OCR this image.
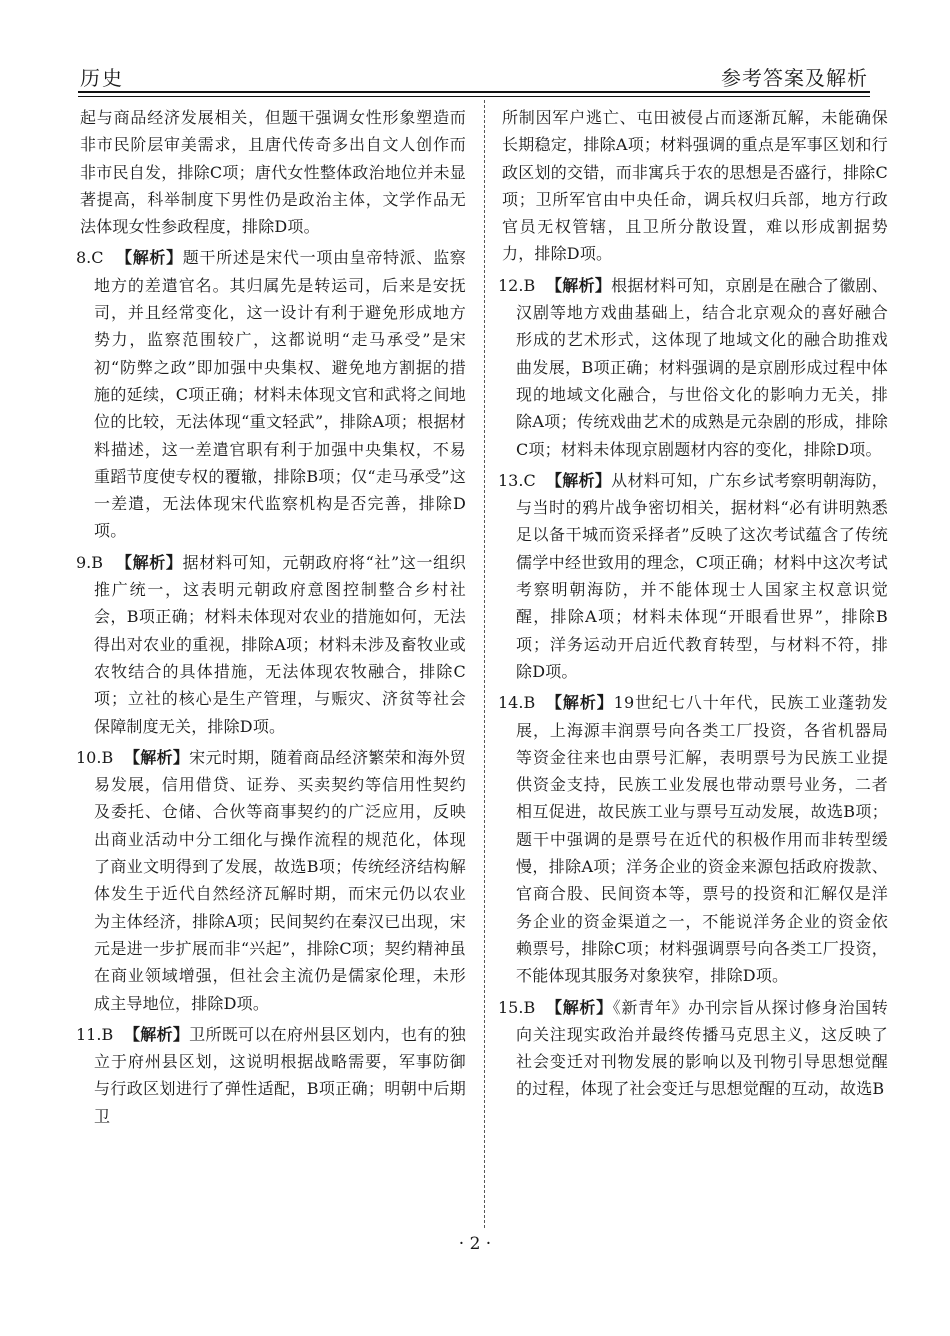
历史	参考答案及解析

起与商品经济发展相关，但题干强调女性形象塑造而非市民阶层审美需求，且唐代传奇多出自文人创作而非市民自发，排除C项；唐代女性整体政治地位并未显著提高，科举制度下男性仍是政治主体，文学作品无法体现女性参政程度，排除D项。

8.C 【解析】题干所述是宋代一项由皇帝特派、监察地方的差遣官名。其归属先是转运司，后来是安抚司，并且经常变化，这一设计有利于避免形成地方势力，监察范围较广，这都说明“走马承受”是宋初“防弊之政”即加强中央集权、避免地方割据的措施的延续，C项正确；材料未体现文官和武将之间地位的比较，无法体现“重文轻武”，排除A项；根据材料描述，这一差遣官职有利于加强中央集权，不易重蹈节度使专权的覆辙，排除B项；仅“走马承受”这一差遣，无法体现宋代监察机构是否完善，排除D项。
9.B 【解析】据材料可知，元朝政府将“社”这一组织推广统一，这表明元朝政府意图控制整合乡村社会，B项正确；材料未体现对农业的措施如何，无法得出对农业的重视，排除A项；材料未涉及畜牧业或农牧结合的具体措施，无法体现农牧融合，排除C项；立社的核心是生产管理，与赈灾、济贫等社会保障制度无关，排除D项。
10.B 【解析】宋元时期，随着商品经济繁荣和海外贸易发展，信用借贷、证券、买卖契约等信用性契约及委托、仓储、合伙等商事契约的广泛应用，反映出商业活动中分工细化与操作流程的规范化，体现了商业文明得到了发展，故选B项；传统经济结构解体发生于近代自然经济瓦解时期，而宋元仍以农业为主体经济，排除A项；民间契约在秦汉已出现，宋元是进一步扩展而非“兴起”，排除C项；契约精神虽在商业领域增强，但社会主流仍是儒家伦理，未形成主导地位，排除D项。
11.B 【解析】卫所既可以在府州县区划内，也有的独立于府州县区划，这说明根据战略需要，军事防御与行政区划进行了弹性适配，B项正确；明朝中后期卫

所制因军户逃亡、屯田被侵占而逐渐瓦解，未能确保长期稳定，排除A项；材料强调的重点是军事区划和行政区划的交错，而非寓兵于农的思想是否盛行，排除C项；卫所军官由中央任命，调兵权归兵部，地方行政官员无权管辖，且卫所分散设置，难以形成割据势力，排除D项。

12.B 【解析】根据材料可知，京剧是在融合了徽剧、汉剧等地方戏曲基础上，结合北京观众的喜好融合形成的艺术形式，这体现了地域文化的融合助推戏曲发展，B项正确；材料强调的是京剧形成过程中体现的地域文化融合，与世俗文化的影响力无关，排除A项；传统戏曲艺术的成熟是元杂剧的形成，排除C项；材料未体现京剧题材内容的变化，排除D项。
13.C 【解析】从材料可知，广东乡试考察明朝海防，与当时的鸦片战争密切相关，据材料“必有讲明熟悉足以备干城而资采择者”反映了这次考试蕴含了传统儒学中经世致用的理念，C项正确；材料中这次考试考察明朝海防，并不能体现士人国家主权意识觉醒，排除A项；材料未体现“开眼看世界”，排除B项；洋务运动开启近代教育转型，与材料不符，排除D项。
14.B 【解析】19世纪七八十年代，民族工业蓬勃发展，上海源丰润票号向各类工厂投资，各省机器局等资金往来也由票号汇解，表明票号为民族工业提供资金支持，民族工业发展也带动票号业务，二者相互促进，故民族工业与票号互动发展，故选B项；题干中强调的是票号在近代的积极作用而非转型缓慢，排除A项；洋务企业的资金来源包括政府拨款、官商合股、民间资本等，票号的投资和汇解仅是洋务企业的资金渠道之一，不能说洋务企业的资金依赖票号，排除C项；材料强调票号向各类工厂投资，不能体现其服务对象狭窄，排除D项。
15.B 【解析】《新青年》办刊宗旨从探讨修身治国转向关注现实政治并最终传播马克思主义，这反映了社会变迁对刊物发展的影响以及刊物引导思想觉醒的过程，体现了社会变迁与思想觉醒的互动，故选B
· 2 ·
